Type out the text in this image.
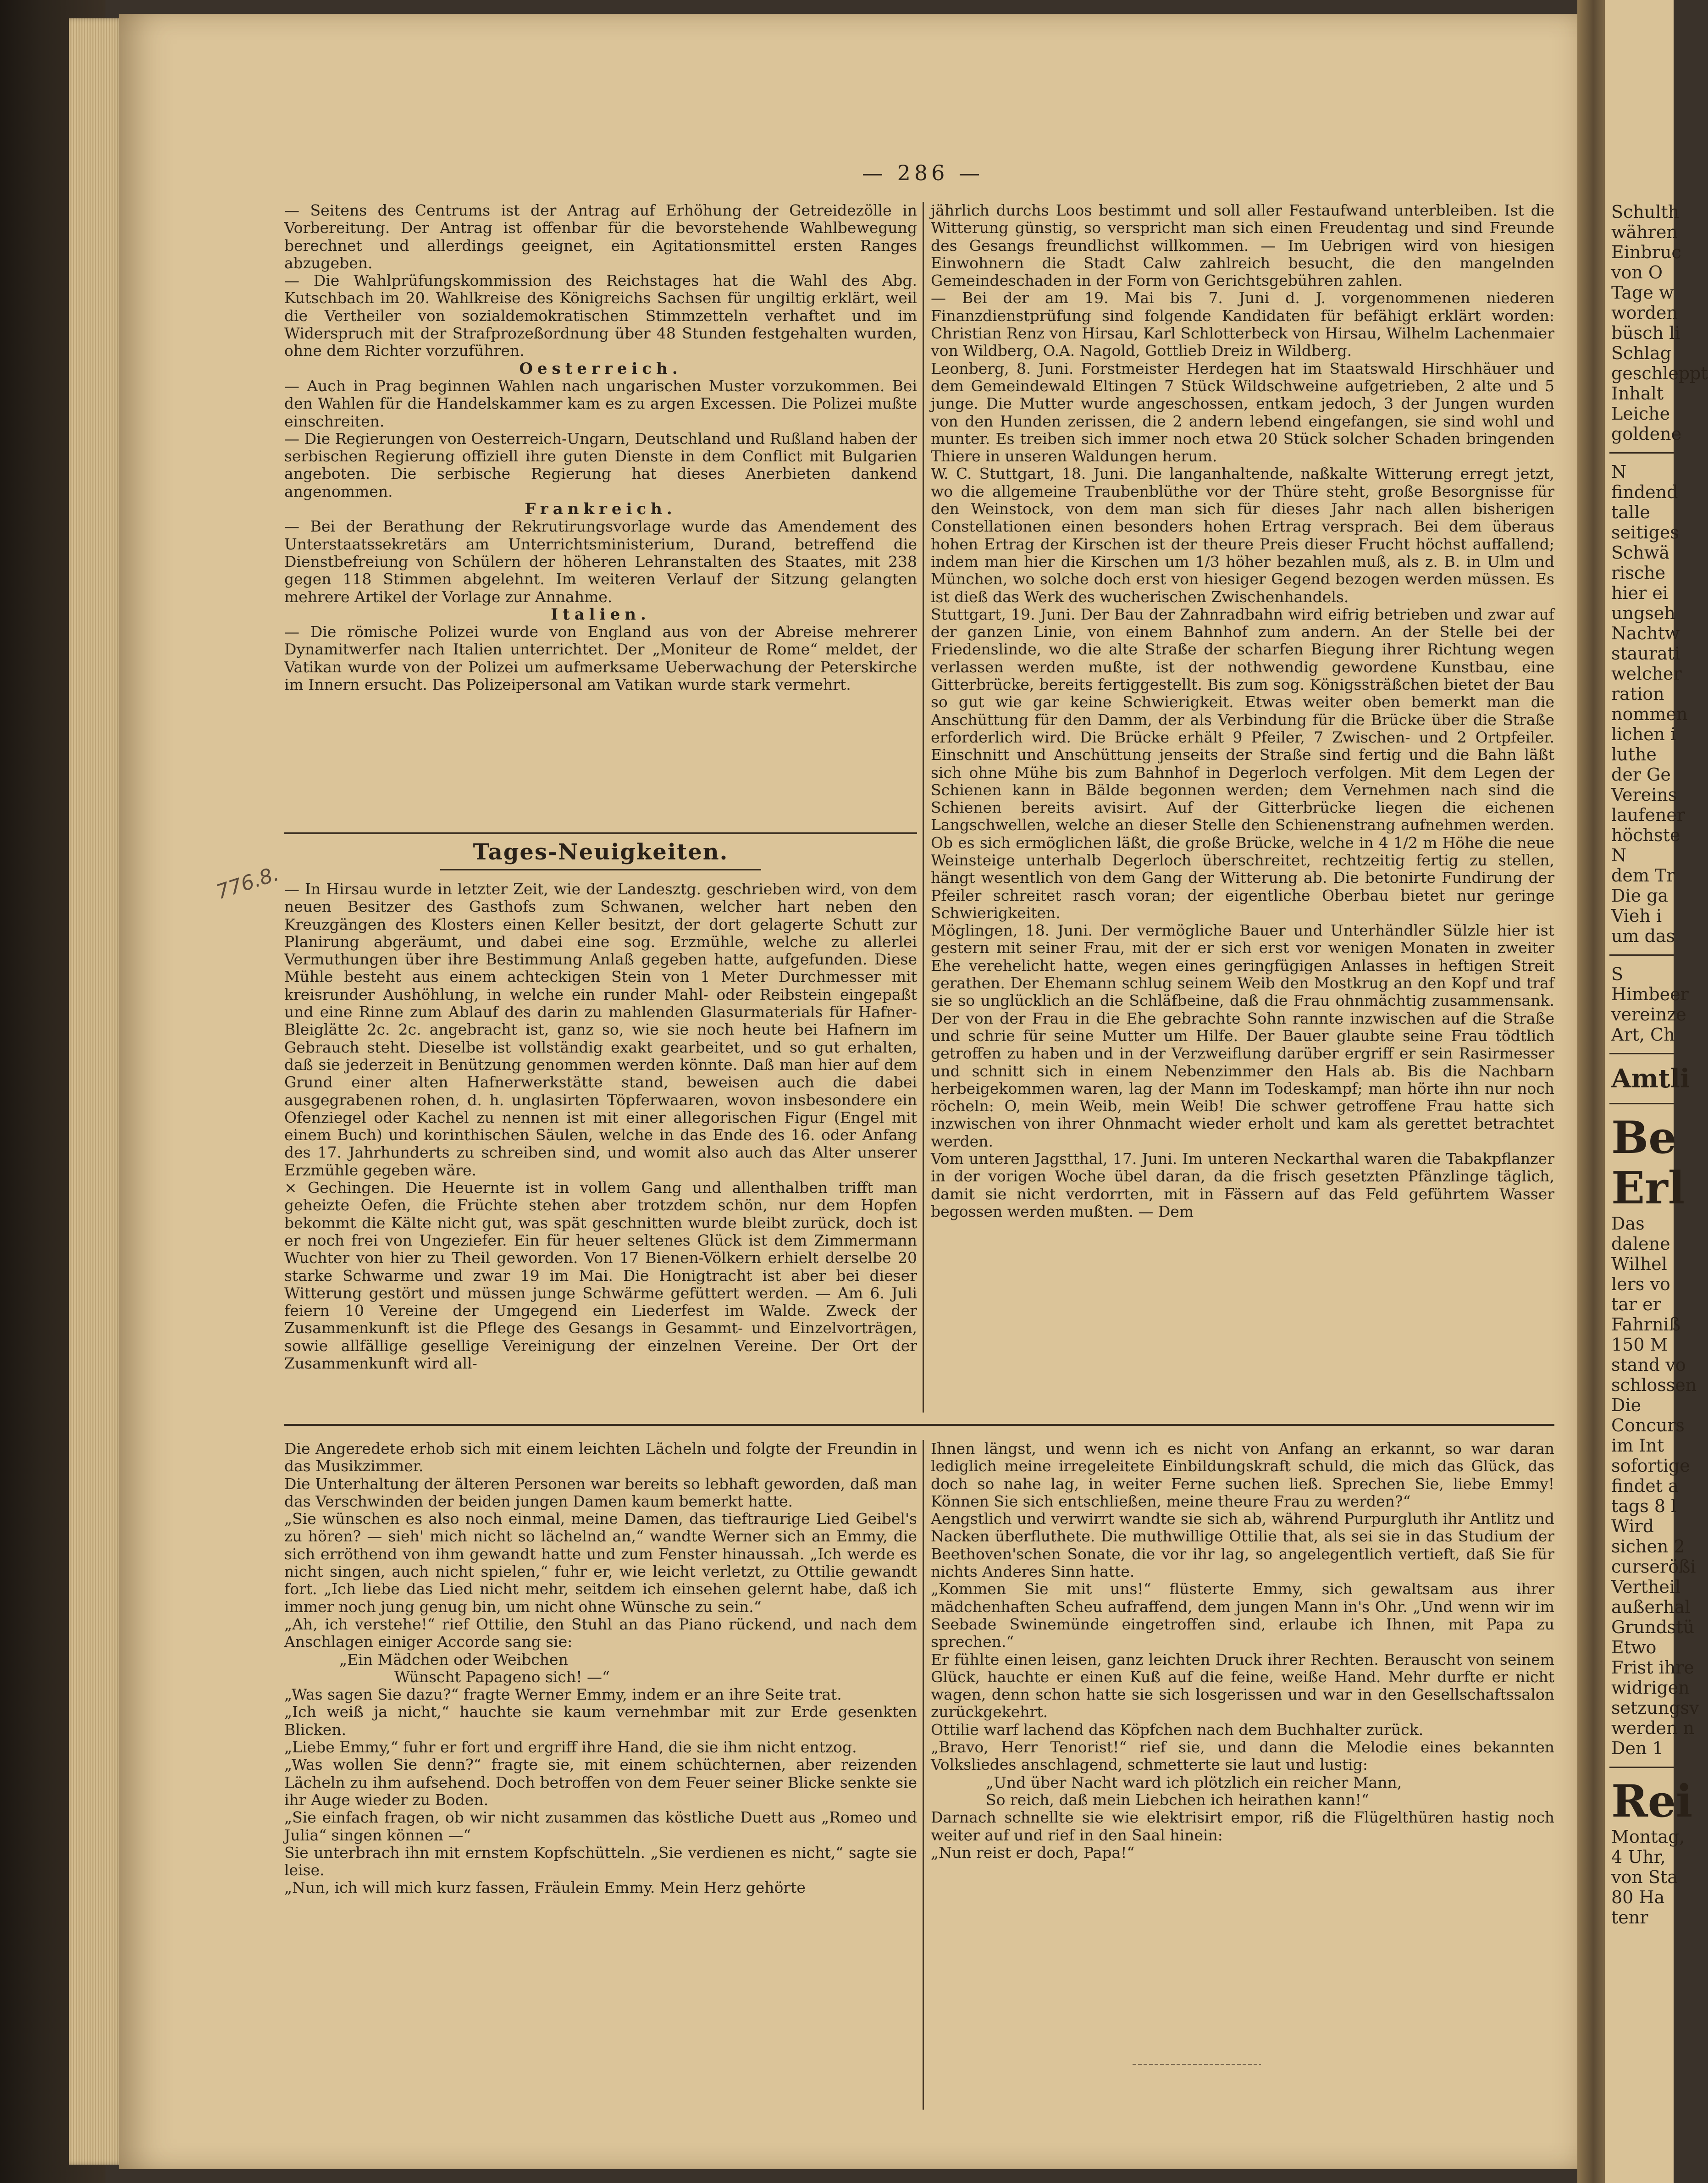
— 286 —

— Seitens des Centrums ist der Antrag auf Erhöhung der Getreidezölle in Vorbereitung. Der Antrag ist offenbar für die bevorstehende Wahlbewegung berechnet und allerdings geeignet, ein Agitationsmittel ersten Ranges abzugeben.

— Die Wahlprüfungskommission des Reichstages hat die Wahl des Abg. Kutschbach im 20. Wahlkreise des Königreichs Sachsen für ungiltig erklärt, weil die Vertheiler von sozialdemokratischen Stimmzetteln verhaftet und im Widerspruch mit der Strafprozeßordnung über 48 Stunden festgehalten wurden, ohne dem Richter vorzuführen.

Oesterreich.

— Auch in Prag beginnen Wahlen nach ungarischen Muster vorzukommen. Bei den Wahlen für die Handelskammer kam es zu argen Excessen. Die Polizei mußte einschreiten.

— Die Regierungen von Oesterreich-Ungarn, Deutschland und Rußland haben der serbischen Regierung offiziell ihre guten Dienste in dem Conflict mit Bulgarien angeboten. Die serbische Regierung hat dieses Anerbieten dankend angenommen.

Frankreich.

— Bei der Berathung der Rekrutirungsvorlage wurde das Amendement des Unterstaatssekretärs am Unterrichtsministerium, Durand, betreffend die Dienstbefreiung von Schülern der höheren Lehranstalten des Staates, mit 238 gegen 118 Stimmen abgelehnt. Im weiteren Verlauf der Sitzung gelangten mehrere Artikel der Vorlage zur Annahme.

Italien.

— Die römische Polizei wurde von England aus von der Abreise mehrerer Dynamitwerfer nach Italien unterrichtet. Der „Moniteur de Rome“ meldet, der Vatikan wurde von der Polizei um aufmerksame Ueberwachung der Peterskirche im Innern ersucht. Das Polizeipersonal am Vatikan wurde stark vermehrt.

Tages-Neuigkeiten.
776.8. — In Hirsau wurde in letzter Zeit, wie der Landesztg. geschrieben wird, von dem neuen Besitzer des Gasthofs zum Schwanen, welcher hart neben den Kreuzgängen des Klosters einen Keller besitzt, der dort gelagerte Schutt zur Planirung abgeräumt, und dabei eine sog. Erzmühle, welche zu allerlei Vermuthungen über ihre Bestimmung Anlaß gegeben hatte, aufgefunden. Diese Mühle besteht aus einem achteckigen Stein von 1 Meter Durchmesser mit kreisrunder Aushöhlung, in welche ein runder Mahl- oder Reibstein eingepaßt und eine Rinne zum Ablauf des darin zu mahlenden Glasurmaterials für Hafner-Bleiglätte 2c. 2c. angebracht ist, ganz so, wie sie noch heute bei Hafnern im Gebrauch steht. Dieselbe ist vollständig exakt gearbeitet, und so gut erhalten, daß sie jederzeit in Benützung genommen werden könnte. Daß man hier auf dem Grund einer alten Hafnerwerkstätte stand, beweisen auch die dabei ausgegrabenen rohen, d. h. unglasirten Töpferwaaren, wovon insbesondere ein Ofenziegel oder Kachel zu nennen ist mit einer allegorischen Figur (Engel mit einem Buch) und korinthischen Säulen, welche in das Ende des 16. oder Anfang des 17. Jahrhunderts zu schreiben sind, und womit also auch das Alter unserer Erzmühle gegeben wäre.

× Gechingen. Die Heuernte ist in vollem Gang und allenthalben trifft man geheizte Oefen, die Früchte stehen aber trotzdem schön, nur dem Hopfen bekommt die Kälte nicht gut, was spät geschnitten wurde bleibt zurück, doch ist er noch frei von Ungeziefer. Ein für heuer seltenes Glück ist dem Zimmermann Wuchter von hier zu Theil geworden. Von 17 Bienen-Völkern erhielt derselbe 20 starke Schwarme und zwar 19 im Mai. Die Honigtracht ist aber bei dieser Witterung gestört und müssen junge Schwärme gefüttert werden. — Am 6. Juli feiern 10 Vereine der Umgegend ein Liederfest im Walde. Zweck der Zusammenkunft ist die Pflege des Gesangs in Gesammt- und Einzelvorträgen, sowie allfällige gesellige Vereinigung der einzelnen Vereine. Der Ort der Zusammenkunft wird all-

jährlich durchs Loos bestimmt und soll aller Festaufwand unterbleiben. Ist die Witterung günstig, so verspricht man sich einen Freudentag und sind Freunde des Gesangs freundlichst willkommen. — Im Uebrigen wird von hiesigen Einwohnern die Stadt Calw zahlreich besucht, die den mangelnden Gemeindeschaden in der Form von Gerichtsgebühren zahlen.

— Bei der am 19. Mai bis 7. Juni d. J. vorgenommenen niederen Finanzdienstprüfung sind folgende Kandidaten für befähigt erklärt worden: Christian Renz von Hirsau, Karl Schlotterbeck von Hirsau, Wilhelm Lachenmaier von Wildberg, O.A. Nagold, Gottlieb Dreiz in Wildberg.

Leonberg, 8. Juni. Forstmeister Herdegen hat im Staatswald Hirschhäuer und dem Gemeindewald Eltingen 7 Stück Wildschweine aufgetrieben, 2 alte und 5 junge. Die Mutter wurde angeschossen, entkam jedoch, 3 der Jungen wurden von den Hunden zerissen, die 2 andern lebend eingefangen, sie sind wohl und munter. Es treiben sich immer noch etwa 20 Stück solcher Schaden bringenden Thiere in unseren Waldungen herum.

W. C. Stuttgart, 18. Juni. Die langanhaltende, naßkalte Witterung erregt jetzt, wo die allgemeine Traubenblüthe vor der Thüre steht, große Besorgnisse für den Weinstock, von dem man sich für dieses Jahr nach allen bisherigen Constellationen einen besonders hohen Ertrag versprach. Bei dem überaus hohen Ertrag der Kirschen ist der theure Preis dieser Frucht höchst auffallend; indem man hier die Kirschen um 1/3 höher bezahlen muß, als z. B. in Ulm und München, wo solche doch erst von hiesiger Gegend bezogen werden müssen. Es ist dieß das Werk des wucherischen Zwischenhandels.

Stuttgart, 19. Juni. Der Bau der Zahnradbahn wird eifrig betrieben und zwar auf der ganzen Linie, von einem Bahnhof zum andern. An der Stelle bei der Friedenslinde, wo die alte Straße der scharfen Biegung ihrer Richtung wegen verlassen werden mußte, ist der nothwendig gewordene Kunstbau, eine Gitterbrücke, bereits fertiggestellt. Bis zum sog. Königssträßchen bietet der Bau so gut wie gar keine Schwierigkeit. Etwas weiter oben bemerkt man die Anschüttung für den Damm, der als Verbindung für die Brücke über die Straße erforderlich wird. Die Brücke erhält 9 Pfeiler, 7 Zwischen- und 2 Ortpfeiler. Einschnitt und Anschüttung jenseits der Straße sind fertig und die Bahn läßt sich ohne Mühe bis zum Bahnhof in Degerloch verfolgen. Mit dem Legen der Schienen kann in Bälde begonnen werden; dem Vernehmen nach sind die Schienen bereits avisirt. Auf der Gitterbrücke liegen die eichenen Langschwellen, welche an dieser Stelle den Schienenstrang aufnehmen werden. Ob es sich ermöglichen läßt, die große Brücke, welche in 4 1/2 m Höhe die neue Weinsteige unterhalb Degerloch überschreitet, rechtzeitig fertig zu stellen, hängt wesentlich von dem Gang der Witterung ab. Die betonirte Fundirung der Pfeiler schreitet rasch voran; der eigentliche Oberbau bietet nur geringe Schwierigkeiten.

Möglingen, 18. Juni. Der vermögliche Bauer und Unterhändler Sülzle hier ist gestern mit seiner Frau, mit der er sich erst vor wenigen Monaten in zweiter Ehe verehelicht hatte, wegen eines geringfügigen Anlasses in heftigen Streit gerathen. Der Ehemann schlug seinem Weib den Mostkrug an den Kopf und traf sie so unglücklich an die Schläfbeine, daß die Frau ohnmächtig zusammensank. Der von der Frau in die Ehe gebrachte Sohn rannte inzwischen auf die Straße und schrie für seine Mutter um Hilfe. Der Bauer glaubte seine Frau tödtlich getroffen zu haben und in der Verzweiflung darüber ergriff er sein Rasirmesser und schnitt sich in einem Nebenzimmer den Hals ab. Bis die Nachbarn herbeigekommen waren, lag der Mann im Todeskampf; man hörte ihn nur noch röcheln: O, mein Weib, mein Weib! Die schwer getroffene Frau hatte sich inzwischen von ihrer Ohnmacht wieder erholt und kam als gerettet betrachtet werden.

Vom unteren Jagstthal, 17. Juni. Im unteren Neckarthal waren die Tabakpflanzer in der vorigen Woche übel daran, da die frisch gesetzten Pfänzlinge täglich, damit sie nicht verdorrten, mit in Fässern auf das Feld geführtem Wasser begossen werden mußten. — Dem

Die Angeredete erhob sich mit einem leichten Lächeln und folgte der Freundin in das Musikzimmer.

Die Unterhaltung der älteren Personen war bereits so lebhaft geworden, daß man das Verschwinden der beiden jungen Damen kaum bemerkt hatte.

„Sie wünschen es also noch einmal, meine Damen, das tieftraurige Lied Geibel's zu hören? — sieh' mich nicht so lächelnd an,“ wandte Werner sich an Emmy, die sich erröthend von ihm gewandt hatte und zum Fenster hinaussah. „Ich werde es nicht singen, auch nicht spielen,“ fuhr er, wie leicht verletzt, zu Ottilie gewandt fort. „Ich liebe das Lied nicht mehr, seitdem ich einsehen gelernt habe, daß ich immer noch jung genug bin, um nicht ohne Wünsche zu sein.“

„Ah, ich verstehe!“ rief Ottilie, den Stuhl an das Piano rückend, und nach dem Anschlagen einiger Accorde sang sie:

„Ein Mädchen oder Weibchen
Wünscht Papageno sich! —“

„Was sagen Sie dazu?“ fragte Werner Emmy, indem er an ihre Seite trat.

„Ich weiß ja nicht,“ hauchte sie kaum vernehmbar mit zur Erde gesenkten Blicken.

„Liebe Emmy,“ fuhr er fort und ergriff ihre Hand, die sie ihm nicht entzog.

„Was wollen Sie denn?“ fragte sie, mit einem schüchternen, aber reizenden Lächeln zu ihm aufsehend. Doch betroffen von dem Feuer seiner Blicke senkte sie ihr Auge wieder zu Boden.

„Sie einfach fragen, ob wir nicht zusammen das köstliche Duett aus „Romeo und Julia“ singen können —“

Sie unterbrach ihn mit ernstem Kopfschütteln. „Sie verdienen es nicht,“ sagte sie leise.

„Nun, ich will mich kurz fassen, Fräulein Emmy. Mein Herz gehörte

Ihnen längst, und wenn ich es nicht von Anfang an erkannt, so war daran lediglich meine irregeleitete Einbildungskraft schuld, die mich das Glück, das doch so nahe lag, in weiter Ferne suchen ließ. Sprechen Sie, liebe Emmy! Können Sie sich entschließen, meine theure Frau zu werden?“

Aengstlich und verwirrt wandte sie sich ab, während Purpurgluth ihr Antlitz und Nacken überfluthete. Die muthwillige Ottilie that, als sei sie in das Studium der Beethoven'schen Sonate, die vor ihr lag, so angelegentlich vertieft, daß Sie für nichts Anderes Sinn hatte.

„Kommen Sie mit uns!“ flüsterte Emmy, sich gewaltsam aus ihrer mädchenhaften Scheu aufraffend, dem jungen Mann in's Ohr. „Und wenn wir im Seebade Swinemünde eingetroffen sind, erlaube ich Ihnen, mit Papa zu sprechen.“

Er fühlte einen leisen, ganz leichten Druck ihrer Rechten. Berauscht von seinem Glück, hauchte er einen Kuß auf die feine, weiße Hand. Mehr durfte er nicht wagen, denn schon hatte sie sich losgerissen und war in den Gesellschaftssalon zurückgekehrt.

Ottilie warf lachend das Köpfchen nach dem Buchhalter zurück.

„Bravo, Herr Tenorist!“ rief sie, und dann die Melodie eines bekannten Volksliedes anschlagend, schmetterte sie laut und lustig:

„Und über Nacht ward ich plötzlich ein reicher Mann,
So reich, daß mein Liebchen ich heirathen kann!“

Darnach schnellte sie wie elektrisirt empor, riß die Flügelthüren hastig noch weiter auf und rief in den Saal hinein:

„Nun reist er doch, Papa!“

Schulth
währen
Einbruc
von O
Tage w
worden
büsch li
Schlag
geschleppt
Inhalt
Leiche
goldene
N
findend
talle
seitiges
Schwä
rische
hier ei
ungseh
Nachtw
staurati
welcher
ration
nommen
lichen i
luthe
der Ge
Vereins
laufener
höchste
N
dem Tr
Die ga
Vieh i
um das
S
Himbeer
vereinze
Art, Ch
Amtli
Be
Erl
Das
dalene
Wilhel
lers vo
tar er
Fahrniß
150 M
stand vo
schlossen
Die
Concurs
im Int
sofortige
findet a
tags 8 l
Wird
sichen 2
curserößi
Vertheil
außerhal
Grundstü
Etwo
Frist ihre
widrigen
setzungsv
werden n
Den 1
Rei
Montag,
4 Uhr,
von Sta
80 Ha
tenr
